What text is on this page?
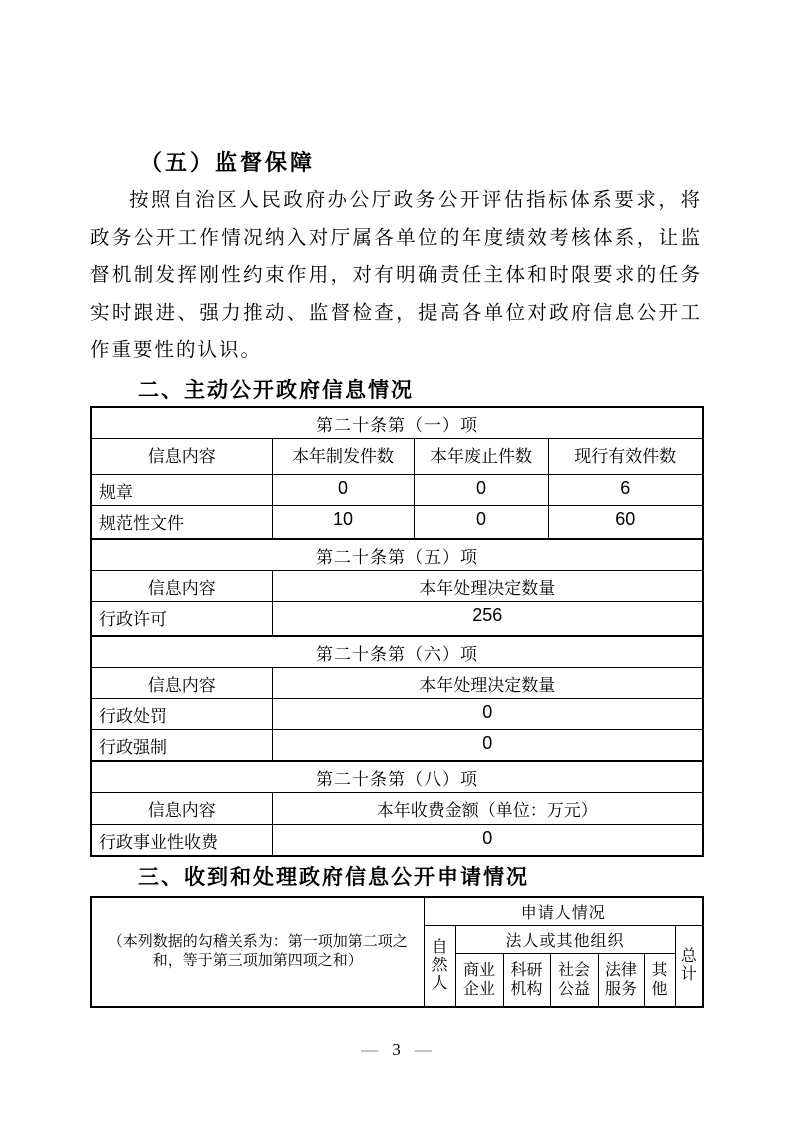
（五）监督保障

按照自治区人民政府办公厅政务公开评估指标体系要求，将政务公开工作情况纳入对厅属各单位的年度绩效考核体系，让监督机制发挥刚性约束作用，对有明确责任主体和时限要求的任务实时跟进、强力推动、监督检查，提高各单位对政府信息公开工作重要性的认识。

二、主动公开政府信息情况
第二十条第（一）项			
信息内容	本年制发件数	本年废止件数	现行有效件数
规章	0	0	6
规范性文件	10	0	60
第二十条第（五）项			
信息内容	本年处理决定数量		
行政许可	256		
第二十条第（六）项			
信息内容	本年处理决定数量		
行政处罚	0		
行政强制	0		
第二十条第（八）项			
信息内容	本年收费金额（单位：万元）		
行政事业性收费	0		
三、收到和处理政府信息公开申请情况
（本列数据的勾稽关系为：第一项加第二项之和，等于第三项加第四项之和）	申请人情况						
	自然人	法人或其他组织					总计
		商业企业	科研机构	社会公益	法律服务	其他	
— 3 —
